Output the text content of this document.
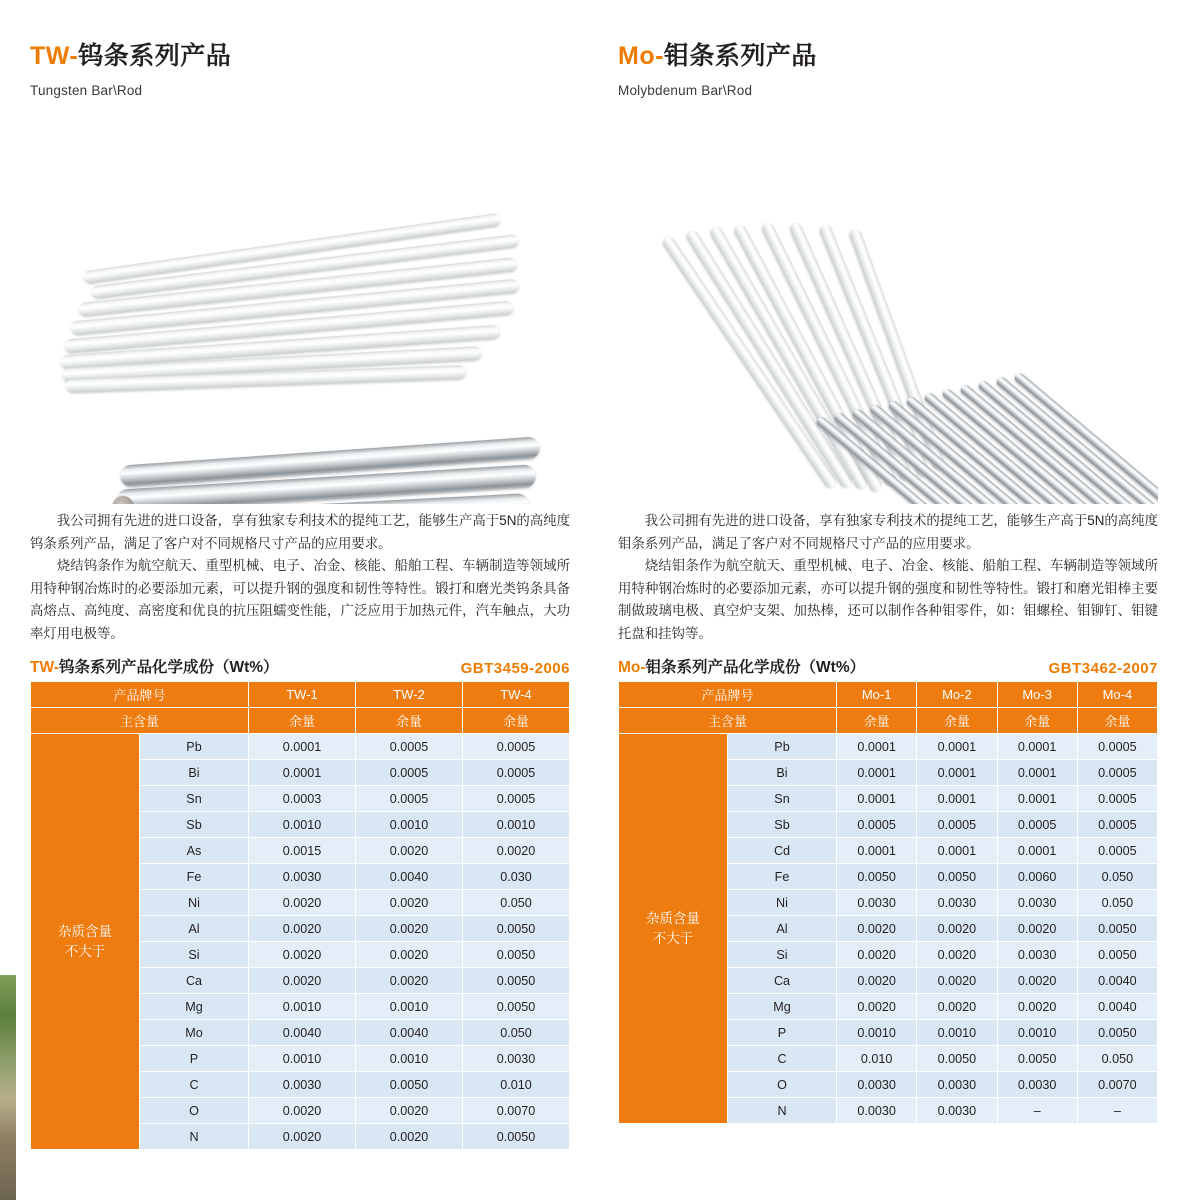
TW-钨条系列产品
Tungsten Bar\Rod

我公司拥有先进的进口设备，享有独家专利技术的提纯工艺，能够生产高于5N的高纯度钨条系列产品，满足了客户对不同规格尺寸产品的应用要求。

烧结钨条作为航空航天、重型机械、电子、冶金、核能、船舶工程、车辆制造等领域所用特种钢冶炼时的必要添加元素，可以提升钢的强度和韧性等特性。锻打和磨光类钨条具备高熔点、高纯度、高密度和优良的抗压阻蠕变性能，广泛应用于加热元件，汽车触点，大功率灯用电极等。

TW-钨条系列产品化学成份（Wt%）	GBT3459-2006
产品牌号		TW-1	TW-2	TW-4
主含量		余量	余量	余量
杂质含量
不大于	Pb	0.0001	0.0005	0.0005
	Bi	0.0001	0.0005	0.0005
	Sn	0.0003	0.0005	0.0005
	Sb	0.0010	0.0010	0.0010
	As	0.0015	0.0020	0.0020
	Fe	0.0030	0.0040	0.030
	Ni	0.0020	0.0020	0.050
	Al	0.0020	0.0020	0.0050
	Si	0.0020	0.0020	0.0050
	Ca	0.0020	0.0020	0.0050
	Mg	0.0010	0.0010	0.0050
	Mo	0.0040	0.0040	0.050
	P	0.0010	0.0010	0.0030
	C	0.0030	0.0050	0.010
	O	0.0020	0.0020	0.0070
	N	0.0020	0.0020	0.0050
Mo-钼条系列产品
Molybdenum Bar\Rod

我公司拥有先进的进口设备，享有独家专利技术的提纯工艺，能够生产高于5N的高纯度钼条系列产品，满足了客户对不同规格尺寸产品的应用要求。

烧结钼条作为航空航天、重型机械、电子、冶金、核能、船舶工程、车辆制造等领域所用特种钢冶炼时的必要添加元素，亦可以提升钢的强度和韧性等特性。锻打和磨光钼棒主要制做玻璃电极、真空炉支架、加热棒，还可以制作各种钼零件，如：钼螺栓、钼铆钉、钼键托盘和挂钩等。

Mo-钼条系列产品化学成份（Wt%）	GBT3462-2007
产品牌号		Mo-1	Mo-2	Mo-3	Mo-4
主含量		余量	余量	余量	余量
杂质含量
不大于	Pb	0.0001	0.0001	0.0001	0.0005
	Bi	0.0001	0.0001	0.0001	0.0005
	Sn	0.0001	0.0001	0.0001	0.0005
	Sb	0.0005	0.0005	0.0005	0.0005
	Cd	0.0001	0.0001	0.0001	0.0005
	Fe	0.0050	0.0050	0.0060	0.050
	Ni	0.0030	0.0030	0.0030	0.050
	Al	0.0020	0.0020	0.0020	0.0050
	Si	0.0020	0.0020	0.0030	0.0050
	Ca	0.0020	0.0020	0.0020	0.0040
	Mg	0.0020	0.0020	0.0020	0.0040
	P	0.0010	0.0010	0.0010	0.0050
	C	0.010	0.0050	0.0050	0.050
	O	0.0030	0.0030	0.0030	0.0070
	N	0.0030	0.0030	–	–
